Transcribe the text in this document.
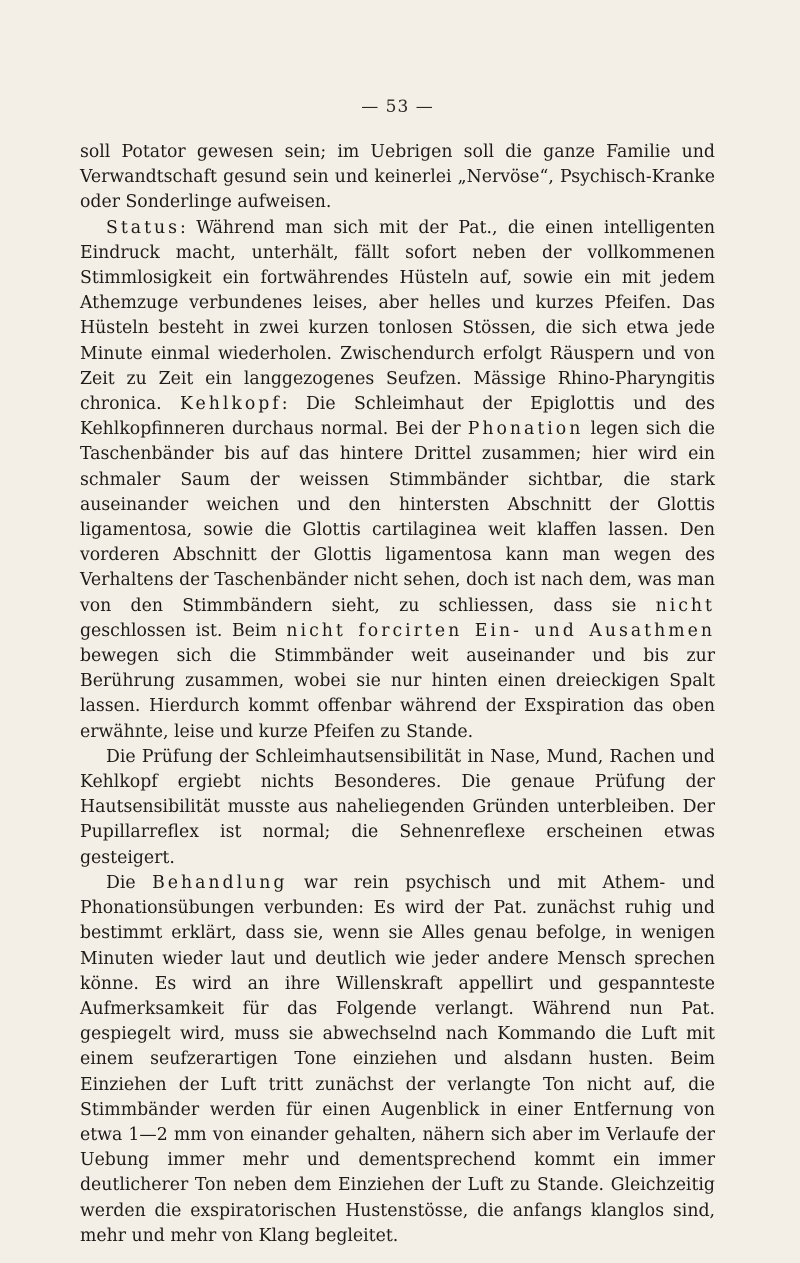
— 53 —

soll Potator gewesen sein; im Uebrigen soll die ganze Familie und Verwandtschaft gesund sein und keinerlei „Nervöse“, Psychisch-Kranke oder Sonderlinge aufweisen.

Status: Während man sich mit der Pat., die einen intelligenten Eindruck macht, unterhält, fällt sofort neben der vollkommenen Stimmlosigkeit ein fortwährendes Hüsteln auf, sowie ein mit jedem Athemzuge verbundenes leises, aber helles und kurzes Pfeifen. Das Hüsteln besteht in zwei kurzen tonlosen Stössen, die sich etwa jede Minute einmal wiederholen. Zwischendurch erfolgt Räuspern und von Zeit zu Zeit ein langgezogenes Seufzen. Mässige Rhino-Pharyngitis chronica. Kehlkopf: Die Schleimhaut der Epiglottis und des Kehlkopfinneren durchaus normal. Bei der Phonation legen sich die Taschenbänder bis auf das hintere Drittel zusammen; hier wird ein schmaler Saum der weissen Stimmbänder sichtbar, die stark auseinander weichen und den hintersten Abschnitt der Glottis ligamentosa, sowie die Glottis cartilaginea weit klaffen lassen. Den vorderen Abschnitt der Glottis ligamentosa kann man wegen des Verhaltens der Taschenbänder nicht sehen, doch ist nach dem, was man von den Stimmbändern sieht, zu schliessen, dass sie nicht geschlossen ist. Beim nicht forcirten Ein- und Ausathmen bewegen sich die Stimmbänder weit auseinander und bis zur Berührung zusammen, wobei sie nur hinten einen dreieckigen Spalt lassen. Hierdurch kommt offenbar während der Exspiration das oben erwähnte, leise und kurze Pfeifen zu Stande.

Die Prüfung der Schleimhautsensibilität in Nase, Mund, Rachen und Kehlkopf ergiebt nichts Besonderes. Die genaue Prüfung der Hautsensibilität musste aus naheliegenden Gründen unterbleiben. Der Pupillarreflex ist normal; die Sehnenreflexe erscheinen etwas gesteigert.

Die Behandlung war rein psychisch und mit Athem- und Phonationsübungen verbunden: Es wird der Pat. zunächst ruhig und bestimmt erklärt, dass sie, wenn sie Alles genau befolge, in wenigen Minuten wieder laut und deutlich wie jeder andere Mensch sprechen könne. Es wird an ihre Willenskraft appellirt und gespannteste Aufmerksamkeit für das Folgende verlangt. Während nun Pat. gespiegelt wird, muss sie abwechselnd nach Kommando die Luft mit einem seufzerartigen Tone einziehen und alsdann husten. Beim Einziehen der Luft tritt zunächst der verlangte Ton nicht auf, die Stimmbänder werden für einen Augenblick in einer Entfernung von etwa 1—2 mm von einander gehalten, nähern sich aber im Verlaufe der Uebung immer mehr und dementsprechend kommt ein immer deutlicherer Ton neben dem Einziehen der Luft zu Stande. Gleichzeitig werden die exspiratorischen Hustenstösse, die anfangs klanglos sind, mehr und mehr von Klang begleitet.
